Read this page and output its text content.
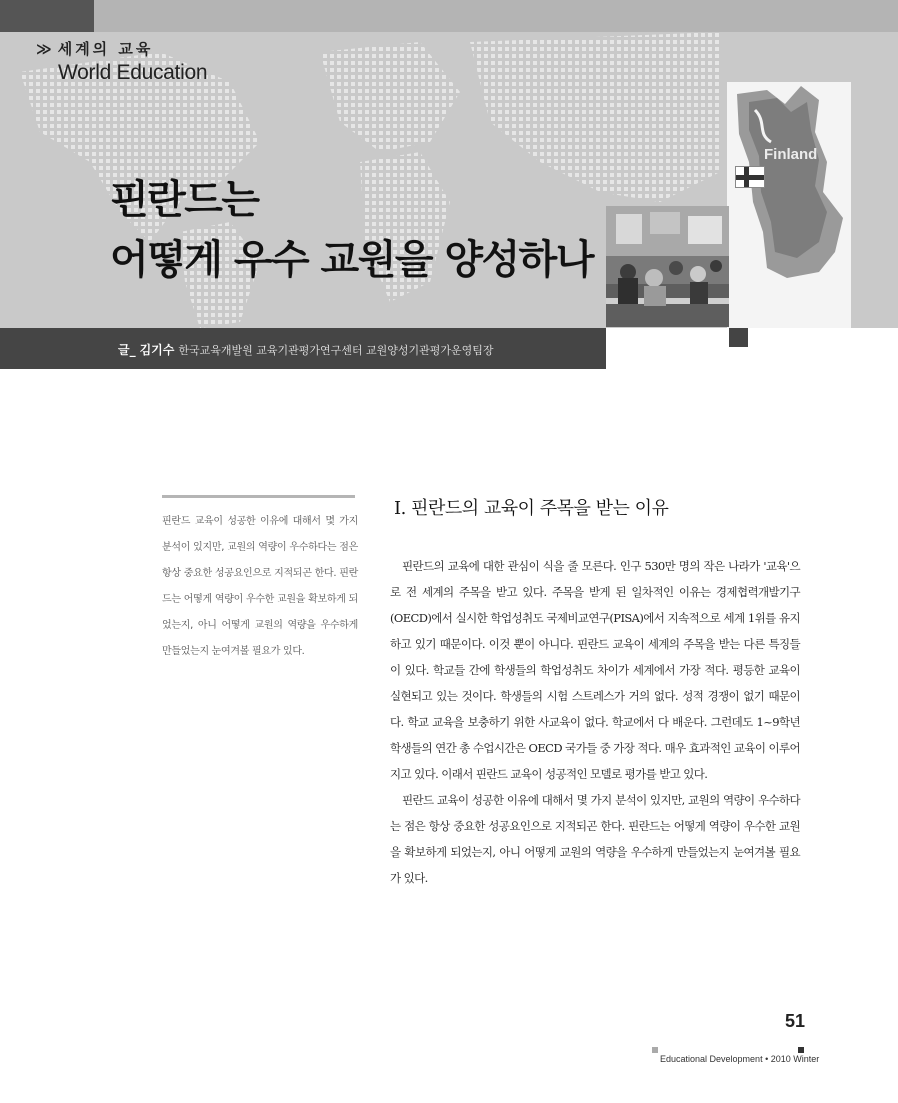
≫ 세계의 교육
World Education
핀란드는
어떻게 우수 교원을 양성하나
Finland
글_ 김기수 한국교육개발원 교육기관평가연구센터 교원양성기관평가운영팀장
핀란드 교육이 성공한 이유에 대해서 몇 가지 분석이 있지만, 교원의 역량이 우수하다는 점은 항상 중요한 성공요인으로 지적되곤 한다. 핀란드는 어떻게 역량이 우수한 교원을 확보하게 되었는지, 아니 어떻게 교원의 역량을 우수하게 만들었는지 눈여겨볼 필요가 있다.
Ⅰ. 핀란드의 교육이 주목을 받는 이유

핀란드의 교육에 대한 관심이 식을 줄 모른다. 인구 530만 명의 작은 나라가 '교육'으로 전 세계의 주목을 받고 있다. 주목을 받게 된 일차적인 이유는 경제협력개발기구(OECD)에서 실시한 학업성취도 국제비교연구(PISA)에서 지속적으로 세계 1위를 유지하고 있기 때문이다. 이것 뿐이 아니다. 핀란드 교육이 세계의 주목을 받는 다른 특징들이 있다. 학교들 간에 학생들의 학업성취도 차이가 세계에서 가장 적다. 평등한 교육이 실현되고 있는 것이다. 학생들의 시험 스트레스가 거의 없다. 성적 경쟁이 없기 때문이다. 학교 교육을 보충하기 위한 사교육이 없다. 학교에서 다 배운다. 그런데도 1~9학년 학생들의 연간 총 수업시간은 OECD 국가들 중 가장 적다. 매우 효과적인 교육이 이루어지고 있다. 이래서 핀란드 교육이 성공적인 모델로 평가를 받고 있다.

핀란드 교육이 성공한 이유에 대해서 몇 가지 분석이 있지만, 교원의 역량이 우수하다는 점은 항상 중요한 성공요인으로 지적되곤 한다. 핀란드는 어떻게 역량이 우수한 교원을 확보하게 되었는지, 아니 어떻게 교원의 역량을 우수하게 만들었는지 눈여겨볼 필요가 있다.

51
Educational Development • 2010 Winter
